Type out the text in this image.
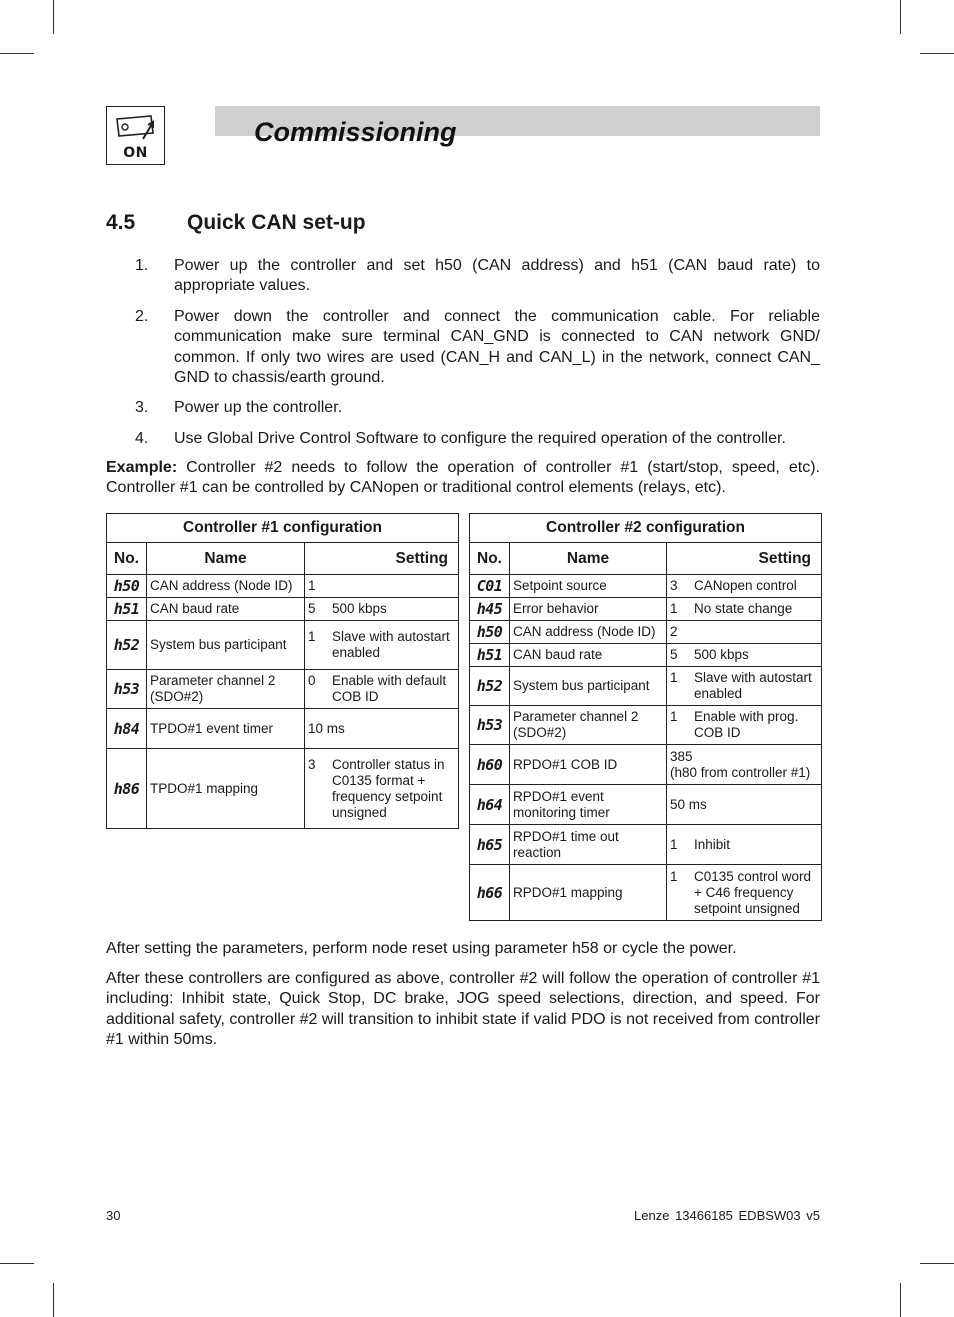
ON
Commissioning
4.5 Quick CAN set-up
1.	Power up the controller and set h50 (CAN address) and h51 (CAN baud rate) to appropriate values.
2.	Power down the controller and connect the communication cable. For reliable communication make sure terminal CAN_GND is connected to CAN network GND/ common. If only two wires are used (CAN_H and CAN_L) in the network, connect CAN_ GND to chassis/earth ground.
3.	Power up the controller.
4.	Use Global Drive Control Software to configure the required operation of the controller.
Example: Controller #2 needs to follow the operation of controller #1 (start/stop, speed, etc). Controller #1 can be controlled by CANopen or traditional control elements (relays, etc).
Controller #1 configuration		
No.	Name	Setting
h50	CAN address (Node ID)	1

h51	CAN baud rate	5 500 kbps

h52	System bus participant	1 Slave with autostart enabled

h53	Parameter channel 2 (SDO#2)	0 Enable with default COB ID

h84	TPDO#1 event timer	10 ms

h86	TPDO#1 mapping	3 Controller status in C0135 format + frequency setpoint unsigned
Controller #2 configuration		
No.	Name	Setting
C01	Setpoint source	3 CANopen control

h45	Error behavior	1 No state change

h50	CAN address (Node ID)	2

h51	CAN baud rate	5 500 kbps

h52	System bus participant	1 Slave with autostart enabled

h53	Parameter channel 2 (SDO#2)	1 Enable with prog. COB ID

h60	RPDO#1 COB ID	385
(h80 from controller #1)

h64	RPDO#1 event monitoring timer	50 ms

h65	RPDO#1 time out reaction	1 Inhibit

h66	RPDO#1 mapping	1 C0135 control word + C46 frequency setpoint unsigned
After setting the parameters, perform node reset using parameter h58 or cycle the power.
After these controllers are configured as above, controller #2 will follow the operation of controller #1 including: Inhibit state, Quick Stop, DC brake, JOG speed selections, direction, and speed. For additional safety, controller #2 will transition to inhibit state if valid PDO is not received from controller #1 within 50ms.
30	Lenze 13466185 EDBSW03 v5
